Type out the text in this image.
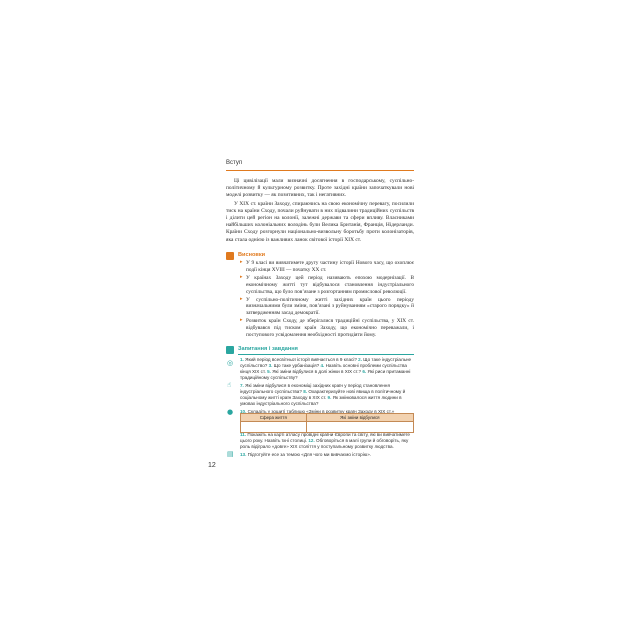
Вступ

Ці цивілізації мали визначні досягнення в господарському, суспільно-політичному й культурному розвитку. Проте західні країни започаткували нові моделі розвитку — як позитивних, так і негативних.

У ХІХ ст. країни Заходу, спираючись на свою економічну перевагу, посилили тиск на країни Сходу, почали руйнувати в них підвалини традиційних суспільств і ділити цей регіон на колонії, залежні держави та сфери впливу. Власниками найбільших колоніальних володінь були Велика Британія, Франція, Нідерланди. Країни Сходу розгорнули національно-визвольну боротьбу проти колонізаторів, яка стала однією із важливих ланок світової історії ХІХ ст.

Висновки
▸ У 9 класі ви вивчатимете другу частину історії Нового часу, що охоплює події кінця XVIII — початку ХХ ст.
▸ У країнах Заходу цей період називають епохою модернізації. В економічному житті тут відбувалося становлення індустріального суспільства, що було пов’язане з розгортанням промислової революції.
▸ У суспільно-політичному житті західних країн цього періоду визначальними були зміни, пов’язані з руйнуванням «старого порядку» й затвердженням засад демократії.
▸ Розвиток країн Сходу, де зберігалися традиційні суспільства, у ХІХ ст. відбувався під тиском країн Заходу, що економічно переважали, і поступового усвідомлення необхідності протидіяти йому.
Запитання і завдання
◎
☝
●
▤

1. Який період всесвітньої історії вивчається в 9 класі? 2. Що таке індустріальне суспільство? 3. Що таке урбанізація? 4. Назвіть основні проблеми суспільства кінця ХІХ ст. 5. Які зміни відбулися в долі жінки в ХІХ ст.? 6. Які риси притаманні традиційному суспільству?

7. Які зміни відбулися в економіці західних країн у період становлення індустріального суспільства? 8. Охарактеризуйте нові явища в політичному й соціальному житті країн Заходу в ХІХ ст. 9. Як змінювалося життя людини в умовах індустріального суспільства?

10. Складіть у зошиті таблицю «Зміни в розвитку країн Заходу в ХІХ ст.»

Сфера життя	Які зміни відбулися

11. Покажіть на карті атласу провідні країни Європи та світу, які ви вивчатимете цього року. Назвіть їхні столиці. 12. Обговоріться в малі групи й обговоріть, яку роль відіграло «довге» ХІХ століття у поступальному розвитку людства.

13. Підготуйте есе за темою «Для чого ми вивчаємо історію».

12
